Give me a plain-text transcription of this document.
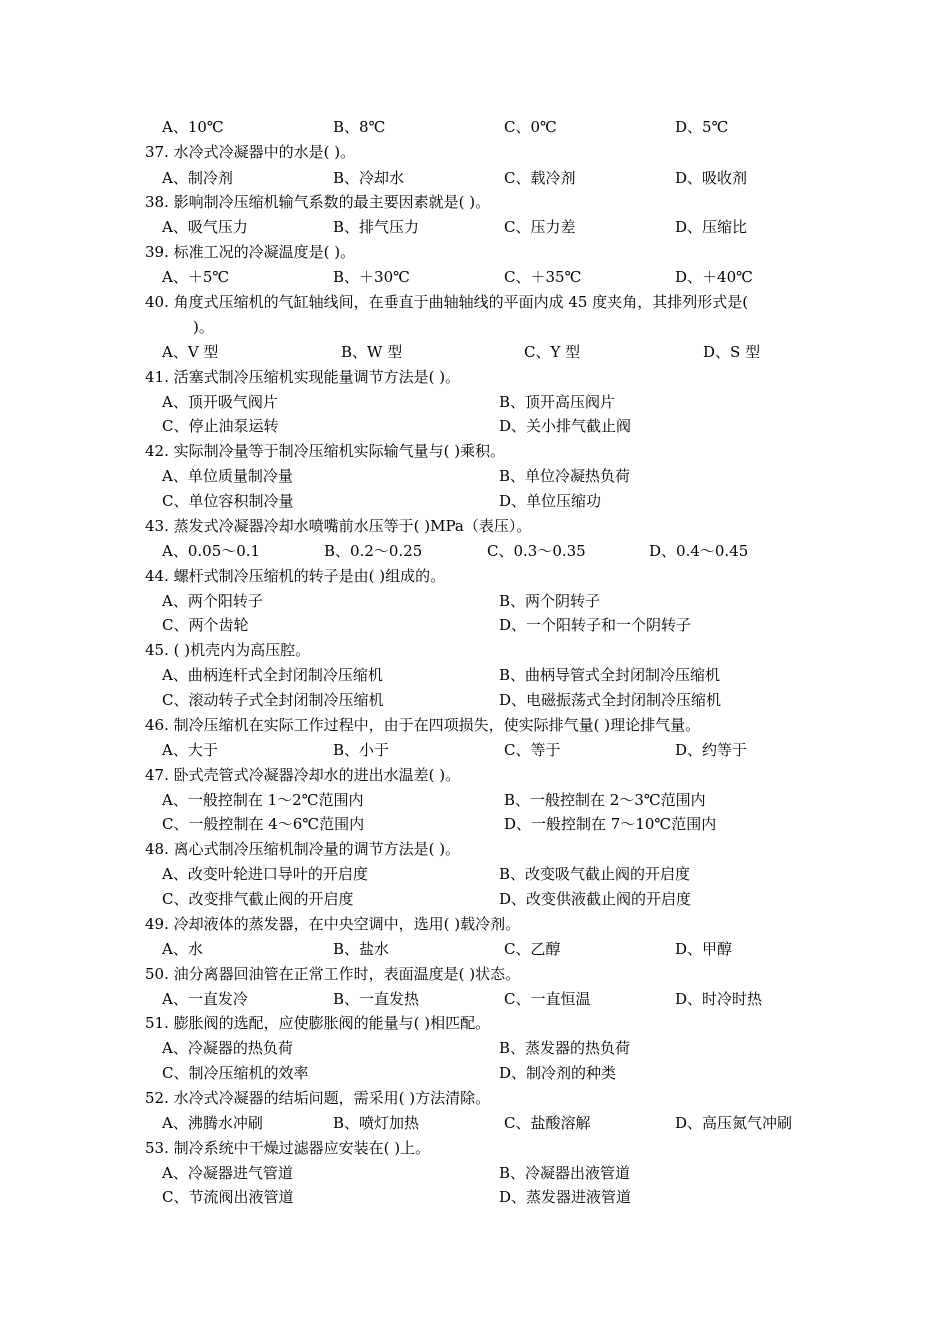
A、10℃	B、8℃	C、0℃	D、5℃
37. 水冷式冷凝器中的水是( )。
A、制冷剂	B、冷却水	C、载冷剂	D、吸收剂
38. 影响制冷压缩机输气系数的最主要因素就是( )。
A、吸气压力	B、排气压力	C、压力差	D、压缩比
39. 标准工况的冷凝温度是( )。
A、＋5℃	B、＋30℃	C、＋35℃	D、＋40℃
40. 角度式压缩机的气缸轴线间，在垂直于曲轴轴线的平面内成 45 度夹角，其排列形式是(
)。
A、V 型	B、W 型	C、Y 型	D、S 型
41. 活塞式制冷压缩机实现能量调节方法是( )。
A、顶开吸气阀片	B、顶开高压阀片
C、停止油泵运转	D、关小排气截止阀
42. 实际制冷量等于制冷压缩机实际输气量与( )乘积。
A、单位质量制冷量	B、单位冷凝热负荷
C、单位容积制冷量	D、单位压缩功
43. 蒸发式冷凝器冷却水喷嘴前水压等于( )MPa（表压）。
A、0.05～0.1	B、0.2～0.25	C、0.3～0.35	D、0.4～0.45
44. 螺杆式制冷压缩机的转子是由( )组成的。
A、两个阳转子	B、两个阴转子
C、两个齿轮	D、一个阳转子和一个阴转子
45. ( )机壳内为高压腔。
A、曲柄连杆式全封闭制冷压缩机	B、曲柄导管式全封闭制冷压缩机
C、滚动转子式全封闭制冷压缩机	D、电磁振荡式全封闭制冷压缩机
46. 制冷压缩机在实际工作过程中，由于在四项损失，使实际排气量( )理论排气量。
A、大于	B、小于	C、等于	D、约等于
47. 卧式壳管式冷凝器冷却水的进出水温差( )。
A、一般控制在 1～2℃范围内	B、一般控制在 2～3℃范围内
C、一般控制在 4～6℃范围内	D、一般控制在 7～10℃范围内
48. 离心式制冷压缩机制冷量的调节方法是( )。
A、改变叶轮进口导叶的开启度	B、改变吸气截止阀的开启度
C、改变排气截止阀的开启度	D、改变供液截止阀的开启度
49. 冷却液体的蒸发器，在中央空调中，选用( )载冷剂。
A、水	B、盐水	C、乙醇	D、甲醇
50. 油分离器回油管在正常工作时，表面温度是( )状态。
A、一直发冷	B、一直发热	C、一直恒温	D、时冷时热
51. 膨胀阀的选配，应使膨胀阀的能量与( )相匹配。
A、冷凝器的热负荷	B、蒸发器的热负荷
C、制冷压缩机的效率	D、制冷剂的种类
52. 水冷式冷凝器的结垢问题，需采用( )方法清除。
A、沸腾水冲刷	B、喷灯加热	C、盐酸溶解	D、高压氮气冲刷
53. 制冷系统中干燥过滤器应安装在( )上。
A、冷凝器进气管道	B、冷凝器出液管道
C、节流阀出液管道	D、蒸发器进液管道
